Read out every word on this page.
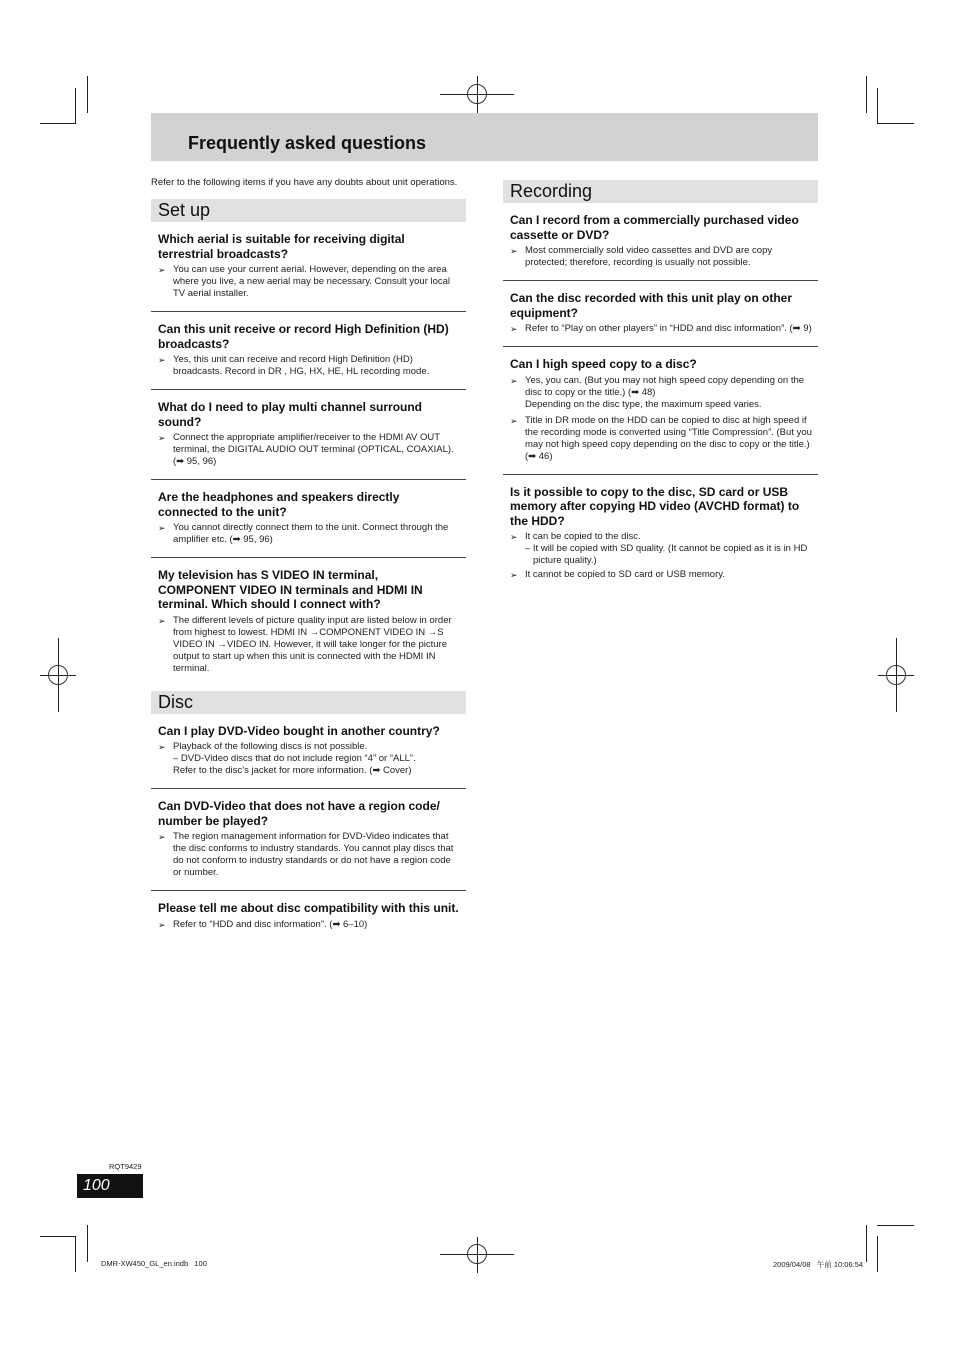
Frequently asked questions

Refer to the following items if you have any doubts about unit operations.

Set up
Which aerial is suitable for receiving digital terrestrial broadcasts?
➢ You can use your current aerial. However, depending on the area where you live, a new aerial may be necessary. Consult your local TV aerial installer.
Can this unit receive or record High Definition (HD) broadcasts?
➢ Yes, this unit can receive and record High Definition (HD) broadcasts. Record in DR , HG, HX, HE, HL recording mode.
What do I need to play multi channel surround sound?
➢ Connect the appropriate amplifier/receiver to the HDMI AV OUT terminal, the DIGITAL AUDIO OUT terminal (OPTICAL, COAXIAL). (➡ 95, 96)
Are the headphones and speakers directly connected to the unit?
➢ You cannot directly connect them to the unit. Connect through the amplifier etc. (➡ 95, 96)
My television has S VIDEO IN terminal, COMPONENT VIDEO IN terminals and HDMI IN terminal. Which should I connect with?
➢ The different levels of picture quality input are listed below in order from highest to lowest. HDMI IN →COMPONENT VIDEO IN →S VIDEO IN →VIDEO IN. However, it will take longer for the picture output to start up when this unit is connected with the HDMI IN terminal.
Disc
Can I play DVD-Video bought in another country?
➢ Playback of the following discs is not possible.
– DVD-Video discs that do not include region “4” or “ALL”.
Refer to the disc’s jacket for more information. (➡ Cover)
Can DVD-Video that does not have a region code/ number be played?
➢ The region management information for DVD-Video indicates that the disc conforms to industry standards. You cannot play discs that do not conform to industry standards or do not have a region code or number.
Please tell me about disc compatibility with this unit.
➢ Refer to “HDD and disc information”. (➡ 6–10)
Recording
Can I record from a commercially purchased video cassette or DVD?
➢ Most commercially sold video cassettes and DVD are copy protected; therefore, recording is usually not possible.
Can the disc recorded with this unit play on other equipment?
➢ Refer to “Play on other players” in “HDD and disc information”. (➡ 9)
Can I high speed copy to a disc?
➢ Yes, you can. (But you may not high speed copy depending on the disc to copy or the title.) (➡ 48)
Depending on the disc type, the maximum speed varies.
➢ Title in DR mode on the HDD can be copied to disc at high speed if the recording mode is converted using “Title Compression”. (But you may not high speed copy depending on the disc to copy or the title.) (➡ 46)
Is it possible to copy to the disc, SD card or USB memory after copying HD video (AVCHD format) to the HDD?
➢ It can be copied to the disc.
– It will be copied with SD quality. (It cannot be copied as it is in HD picture quality.)
➢ It cannot be copied to SD card or USB memory.
RQT9429
100
DMR-XW450_GL_en.indb   100	2009/04/08   午前 10:06:54
